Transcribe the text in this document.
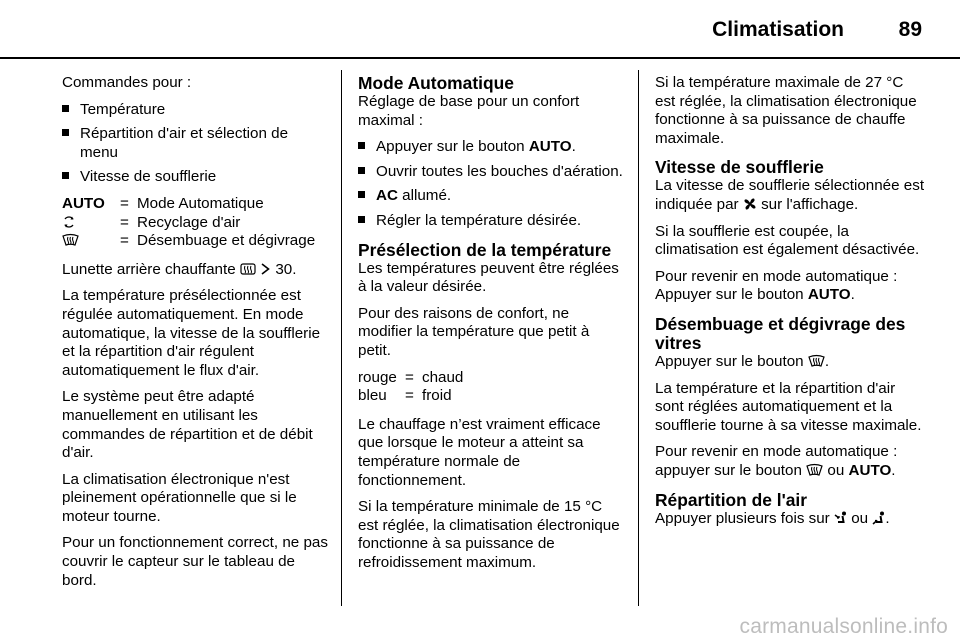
Climatisation	89

Commandes pour :

Température
Répartition d'air et sélection de menu
Vitesse de soufflerie
AUTO	=	Mode Automatique
	=	Recyclage d'air
	=	Désembuage et dégivrage

Lunette arrière chauffante	30.

La température présélectionnée est régulée automatiquement. En mode automatique, la vitesse de la soufflerie et la répartition d'air régulent automatiquement le flux d'air.

Le système peut être adapté manuellement en utilisant les commandes de répartition et de débit d'air.

La climatisation électronique n'est pleinement opérationnelle que si le moteur tourne.

Pour un fonctionnement correct, ne pas couvrir le capteur sur le tableau de bord.

Mode Automatique

Réglage de base pour un confort maximal :

Appuyer sur le bouton AUTO.
Ouvrir toutes les bouches d'aération.
AC allumé.
Régler la température désirée.
Présélection de la température

Les températures peuvent être réglées à la valeur désirée.

Pour des raisons de confort, ne modifier la température que petit à petit.

rouge	=	chaud
bleu	=	froid

Le chauffage n’est vraiment efficace que lorsque le moteur a atteint sa température normale de fonctionnement.

Si la température minimale de 15 °C est réglée, la climatisation électronique fonctionne à sa puissance de refroidissement maximum.

Si la température maximale de 27 °C est réglée, la climatisation électronique fonctionne à sa puissance de chauffe maximale.

Vitesse de soufflerie

La vitesse de soufflerie sélectionnée est indiquée par sur l'affichage.

Si la soufflerie est coupée, la climatisation est également désactivée.

Pour revenir en mode automatique : Appuyer sur le bouton AUTO.

Désembuage et dégivrage des vitres

Appuyer sur le bouton .

La température et la répartition d'air sont réglées automatiquement et la soufflerie tourne à sa vitesse maximale.

Pour revenir en mode automatique : appuyer sur le bouton ou AUTO.

Répartition de l'air

Appuyer plusieurs fois sur ou .

carmanualsonline.info
